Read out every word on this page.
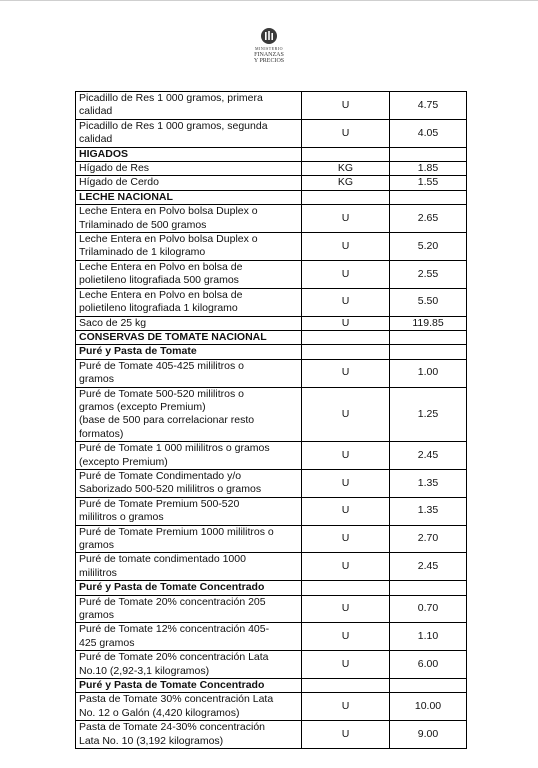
MINISTERIO
FINANZAS
Y PRECIOS
Picadillo de Res 1 000 gramos, primera
calidad	U	4.75

Picadillo de Res 1 000 gramos, segunda
calidad	U	4.05

HIGADOS		

Hígado de Res	KG	1.85

Hígado de Cerdo	KG	1.55

LECHE NACIONAL		

Leche Entera en Polvo bolsa Duplex o
Trilaminado de 500 gramos	U	2.65

Leche Entera en Polvo bolsa Duplex o
Trilaminado de 1 kilogramo	U	5.20

Leche Entera en Polvo en bolsa de
polietileno litografiada 500 gramos	U	2.55

Leche Entera en Polvo en bolsa de
polietileno litografiada 1 kilogramo	U	5.50

Saco de 25 kg	U	119.85

CONSERVAS DE TOMATE NACIONAL		

Puré y Pasta de Tomate		

Puré de Tomate 405-425 mililitros o
gramos	U	1.00

Puré de Tomate 500-520 mililitros o
gramos (excepto Premium)
(base de 500 para correlacionar resto
formatos)	U	1.25

Puré de Tomate 1 000 mililitros o gramos
(excepto Premium)	U	2.45

Puré de Tomate Condimentado y/o
Saborizado 500-520 mililitros o gramos	U	1.35

Puré de Tomate Premium 500-520
mililitros o gramos	U	1.35

Puré de Tomate Premium 1000 mililitros o
gramos	U	2.70

Puré de tomate condimentado 1000
mililitros	U	2.45

Puré y Pasta de Tomate Concentrado		

Puré de Tomate 20% concentración 205
gramos	U	0.70

Puré de Tomate 12% concentración 405-
425 gramos	U	1.10

Puré de Tomate 20% concentración Lata
No.10 (2,92-3,1 kilogramos)	U	6.00

Puré y Pasta de Tomate Concentrado		

Pasta de Tomate 30% concentración Lata
No. 12 o Galón (4,420 kilogramos)	U	10.00

Pasta de Tomate 24-30% concentración
Lata No. 10 (3,192 kilogramos)	U	9.00
